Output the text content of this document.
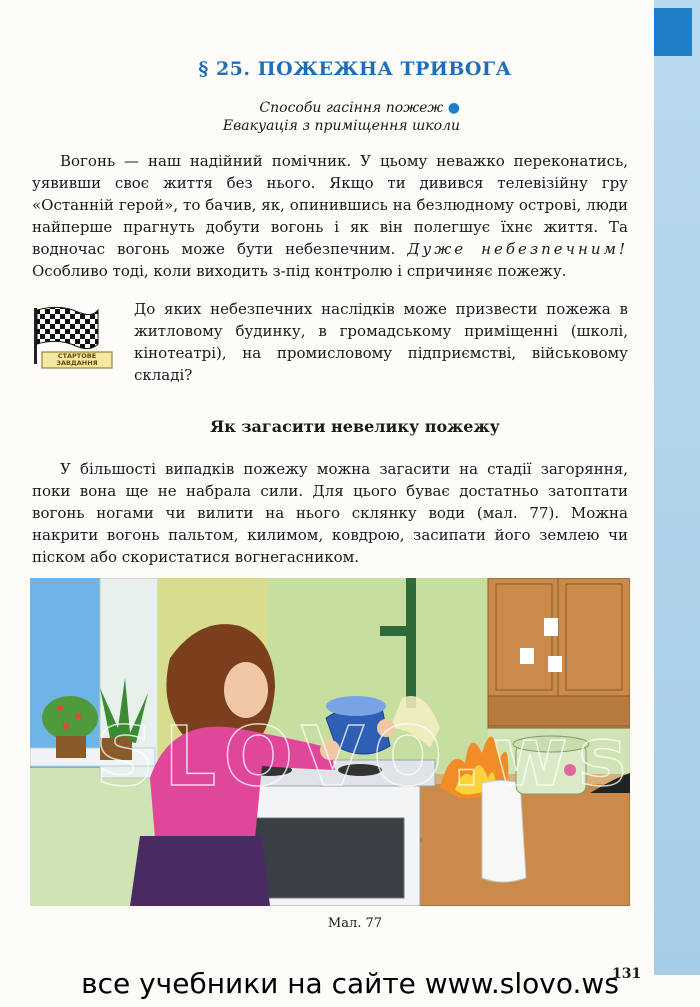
§ 25. ПОЖЕЖНА ТРИВОГА
Способи гасіння пожеж ●
Евакуація з приміщення школи

Вогонь — наш надійний помічник. У цьому неважко переконатись, уявивши своє життя без нього. Якщо ти дивився телевізійну гру «Останній герой», то бачив, як, опинившись на безлюдному острові, люди найперше прагнуть добути вогонь і як він полегшує їхнє життя. Та водночас вогонь може бути небезпечним. Дуже небезпечним! Особливо тоді, коли виходить з-під контролю і спричиняє пожежу.

СТАРТОВЕ ЗАВДАННЯ

До яких небезпечних наслідків може призвести пожежа в житловому будинку, в громадському приміщенні (школі, кінотеатрі), на промисловому підприємстві, військовому складі?

Як загасити невелику пожежу

У більшості випадків пожежу можна загасити на стадії загоряння, поки вона ще не набрала сили. Для цього буває достатньо затоптати вогонь ногами чи вилити на нього склянку води (мал. 77). Можна накрити вогонь пальтом, килимом, ковдрою, засипати його землею чи піском або скористатися вогнегасником.

SLOVO.ws
Мал. 77
131
все учебники на сайте www.slovo.ws
